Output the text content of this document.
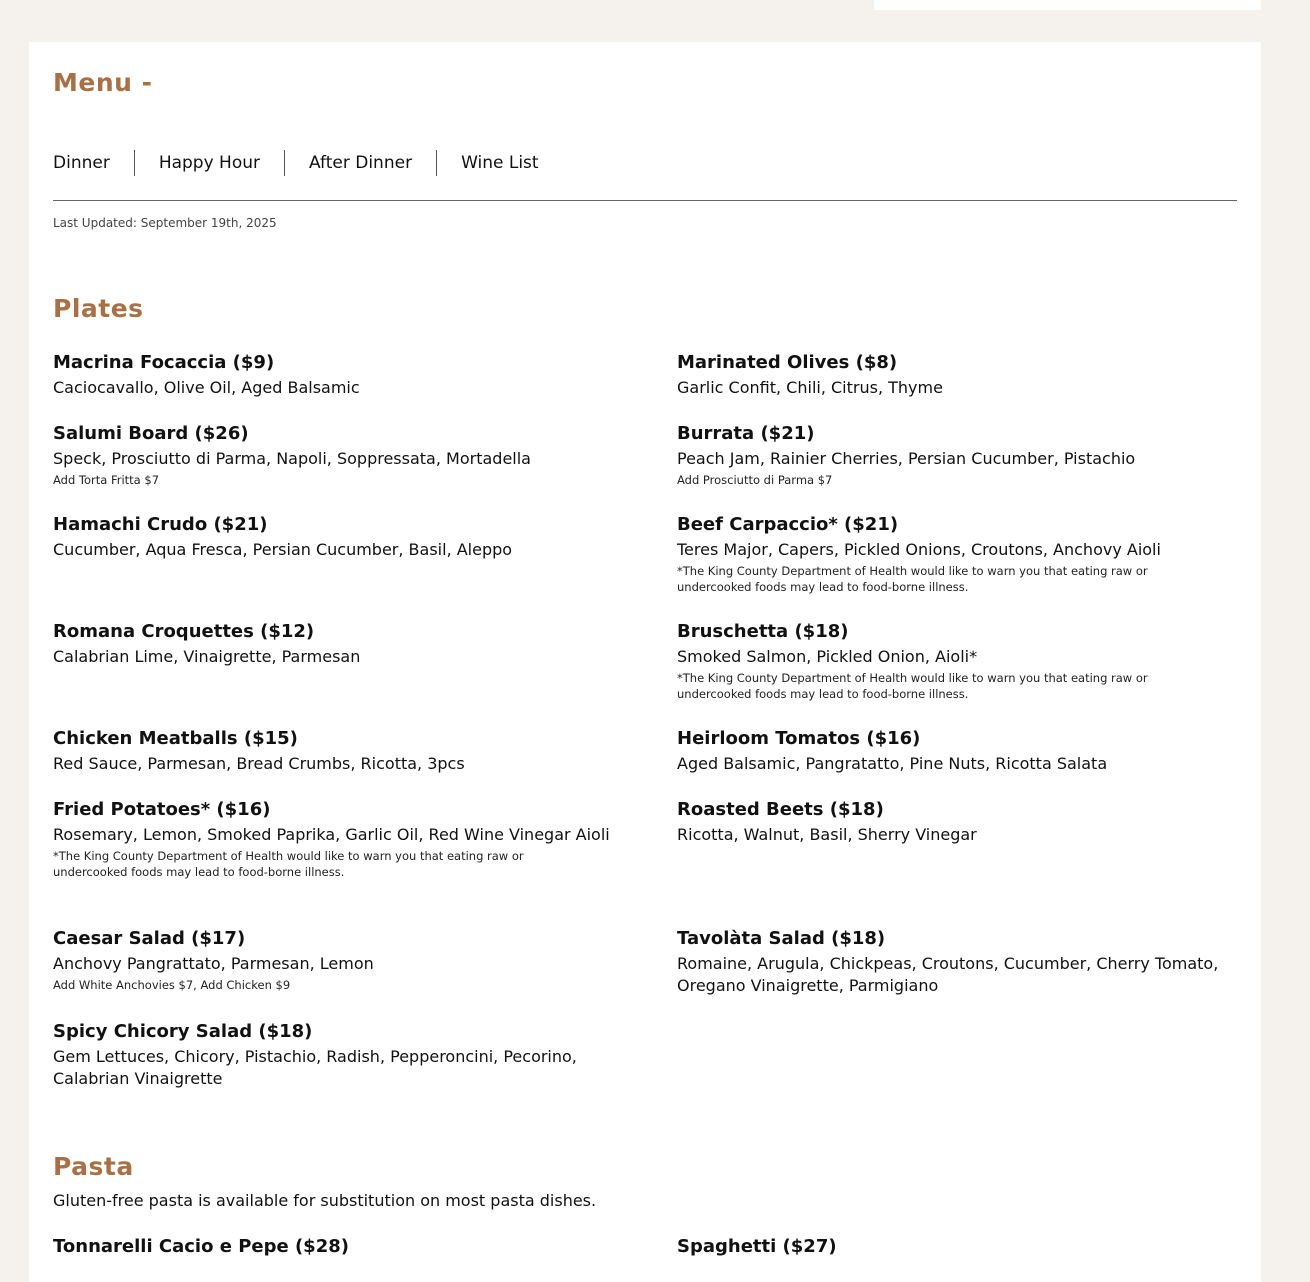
Menu -
Dinner	Happy Hour	After Dinner	Wine List
Last Updated: September 19th, 2025
Plates
Macrina Focaccia ($9)
Caciocavallo, Olive Oil, Aged Balsamic
Marinated Olives ($8)
Garlic Confit, Chili, Citrus, Thyme
Salumi Board ($26)
Speck, Prosciutto di Parma, Napoli, Soppressata, Mortadella
Add Torta Fritta $7
Burrata ($21)
Peach Jam, Rainier Cherries, Persian Cucumber, Pistachio
Add Prosciutto di Parma $7
Hamachi Crudo ($21)
Cucumber, Aqua Fresca, Persian Cucumber, Basil, Aleppo
Beef Carpaccio* ($21)
Teres Major, Capers, Pickled Onions, Croutons, Anchovy Aioli
*The King County Department of Health would like to warn you that eating raw or undercooked foods may lead to food-borne illness.
Romana Croquettes ($12)
Calabrian Lime, Vinaigrette, Parmesan
Bruschetta ($18)
Smoked Salmon, Pickled Onion, Aioli*
*The King County Department of Health would like to warn you that eating raw or undercooked foods may lead to food-borne illness.
Chicken Meatballs ($15)
Red Sauce, Parmesan, Bread Crumbs, Ricotta, 3pcs
Heirloom Tomatos ($16)
Aged Balsamic, Pangratatto, Pine Nuts, Ricotta Salata
Fried Potatoes* ($16)
Rosemary, Lemon, Smoked Paprika, Garlic Oil, Red Wine Vinegar Aioli
*The King County Department of Health would like to warn you that eating raw or undercooked foods may lead to food-borne illness.
Roasted Beets ($18)
Ricotta, Walnut, Basil, Sherry Vinegar
Caesar Salad ($17)
Anchovy Pangrattato, Parmesan, Lemon
Add White Anchovies $7, Add Chicken $9
Tavolàta Salad ($18)
Romaine, Arugula, Chickpeas, Croutons, Cucumber, Cherry Tomato, Oregano Vinaigrette, Parmigiano
Spicy Chicory Salad ($18)
Gem Lettuces, Chicory, Pistachio, Radish, Pepperoncini, Pecorino, Calabrian Vinaigrette
Pasta
Gluten-free pasta is available for substitution on most pasta dishes.
Tonnarelli Cacio e Pepe ($28)	Spaghetti ($27)
